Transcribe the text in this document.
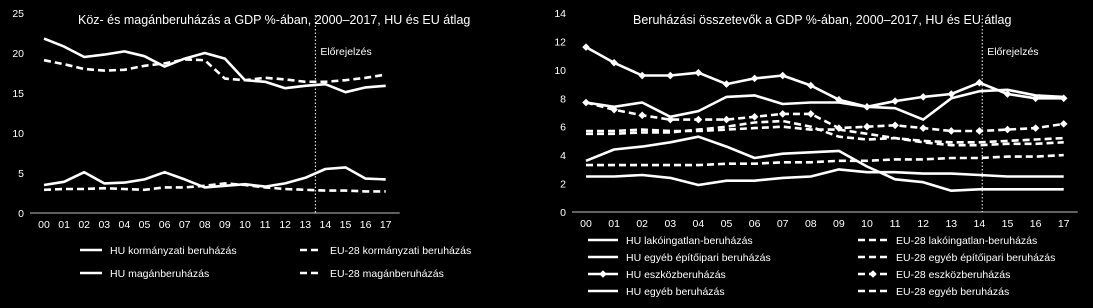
Köz- és magánberuházás a GDP %-ában, 2000–2017, HU és EU átlag	Beruházási összetevők a GDP %-ában, 2000–2017, HU és EU átlag
0
5
10
15
20
25
00 01 02 03 04 05 06 07 08 09 10 11 12 13 14 15 16 17
Előrejelzés
HU kormányzati beruházás	EU-28 kormányzati beruházás
HU magánberuházás	EU-28 magánberuházás
0
2
4
6
8
10
12
14
00 01 02 03 04 05 06 07 08 09 10 11 12 13 14 15 16 17
Előrejelzés
HU lakóingatlan-beruházás	EU-28 lakóingatlan-beruházás
HU egyéb építőipari beruházás	EU-28 egyéb építőipari beruházás
HU eszközberuházás	EU-28 eszközberuházás
HU egyéb beruházás	EU-28 egyéb beruházás
